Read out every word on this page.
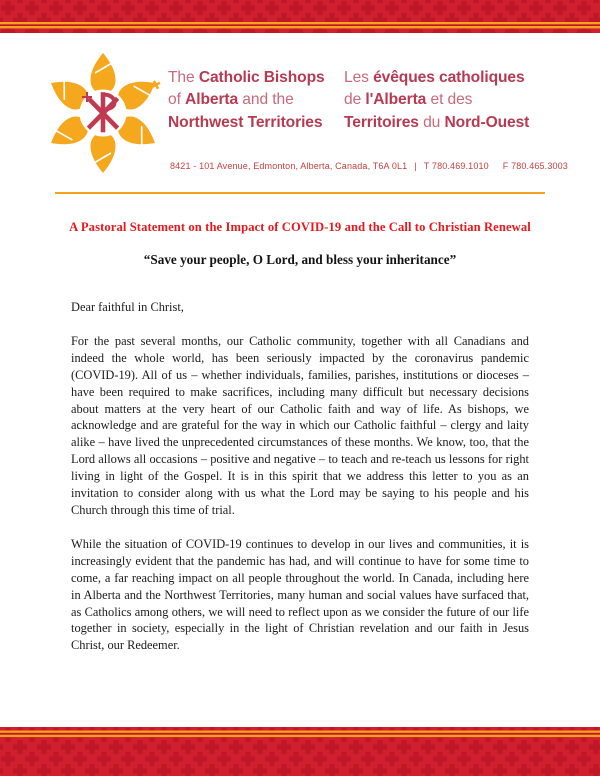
The Catholic Bishops
of Alberta and the
Northwest Territories
Les évêques catholiques
de l'Alberta et des
Territoires du Nord-Ouest
8421 - 101 Avenue, Edmonton, Alberta, Canada, T6A 0L1 | T 780.469.1010 F 780.465.3003
A Pastoral Statement on the Impact of COVID-19 and the Call to Christian Renewal
“Save your people, O Lord, and bless your inheritance”

Dear faithful in Christ,

For the past several months, our Catholic community, together with all Canadians and indeed the whole world, has been seriously impacted by the coronavirus pandemic (COVID-19). All of us – whether individuals, families, parishes, institutions or dioceses – have been required to make sacrifices, including many difficult but necessary decisions about matters at the very heart of our Catholic faith and way of life. As bishops, we acknowledge and are grateful for the way in which our Catholic faithful – clergy and laity alike – have lived the unprecedented circumstances of these months. We know, too, that the Lord allows all occasions – positive and negative – to teach and re-teach us lessons for right living in light of the Gospel. It is in this spirit that we address this letter to you as an invitation to consider along with us what the Lord may be saying to his people and his Church through this time of trial.

While the situation of COVID-19 continues to develop in our lives and communities, it is increasingly evident that the pandemic has had, and will continue to have for some time to come, a far reaching impact on all people throughout the world. In Canada, including here in Alberta and the Northwest Territories, many human and social values have surfaced that, as Catholics among others, we will need to reflect upon as we consider the future of our life together in society, especially in the light of Christian revelation and our faith in Jesus Christ, our Redeemer.
